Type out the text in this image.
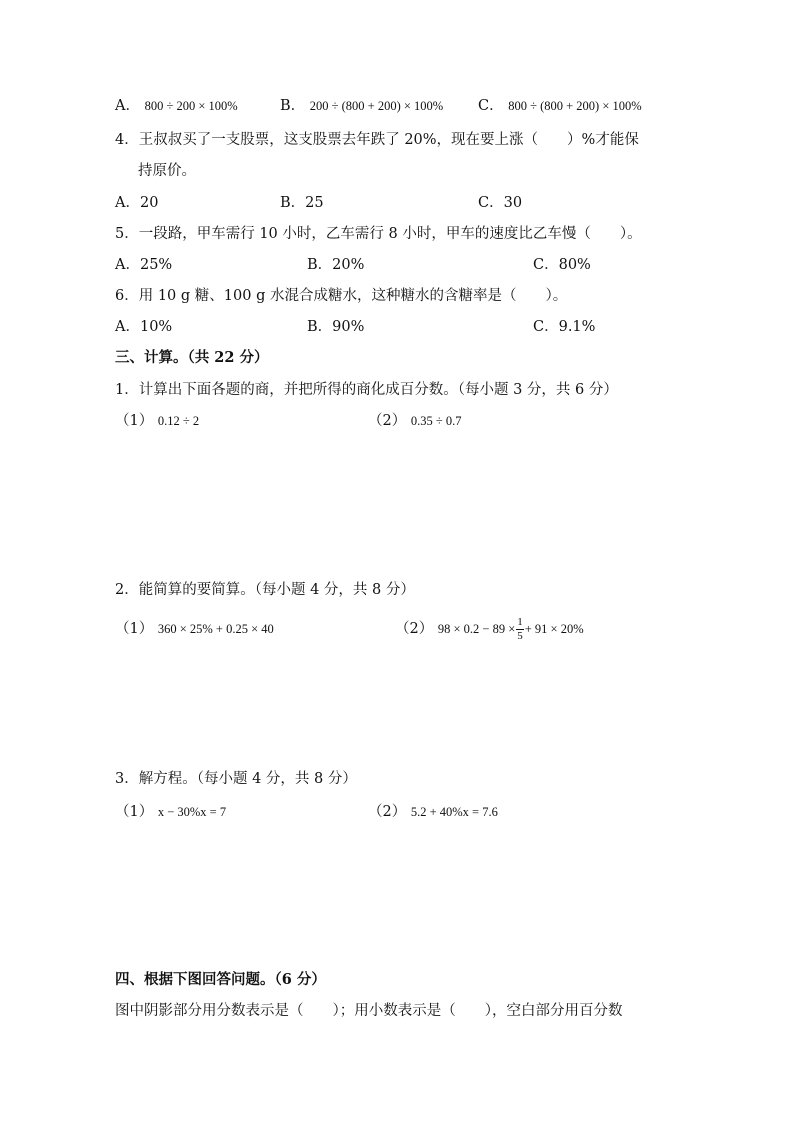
A． 800 ÷ 200 × 100%	B． 200 ÷ (800 + 200) × 100% C． 800 ÷ (800 + 200) × 100%
4．王叔叔买了一支股票，这支股票去年跌了 20%，现在要上涨（　　）%才能保
持原价。
A．20	B．25	C．30
5．一段路，甲车需行 10 小时，乙车需行 8 小时，甲车的速度比乙车慢（　　）。
A．25%	B．20%	C．80%
6．用 10 g 糖、100 g 水混合成糖水，这种糖水的含糖率是（　　）。
A．10%	B．90%	C．9.1%
三、计算。（共 22 分）
1．计算出下面各题的商，并把所得的商化成百分数。（每小题 3 分，共 6 分）
（1） 0.12 ÷ 2	（2） 0.35 ÷ 0.7
2．能简算的要简算。（每小题 4 分，共 8 分）
（1） 360 × 25% + 0.25 × 40	（2） $98 \times 0.2 - 89 \times \frac{1}{5} + 91 \times 20\%$
3．解方程。（每小题 4 分，共 8 分）
（1） x − 30%x = 7	（2） 5.2 + 40%x = 7.6
四、根据下图回答问题。（6 分）
图中阴影部分用分数表示是（　　）；用小数表示是（　　），空白部分用百分数
